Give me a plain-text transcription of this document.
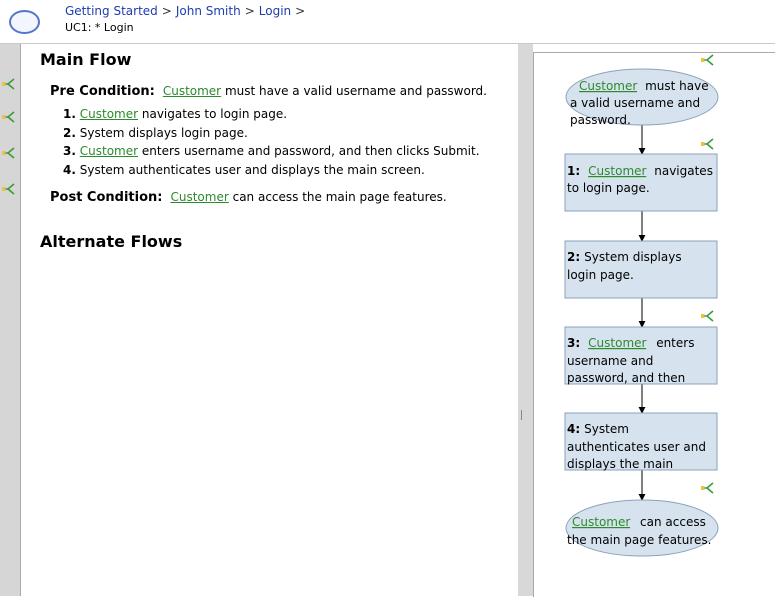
Getting Started > John Smith > Login >
UC1: * Login
Main Flow
Pre Condition: Customer must have a valid username and password.
1. Customer navigates to login page.
2. System displays login page.
3. Customer enters username and password, and then clicks Submit.
4. System authenticates user and displays the main screen.
Post Condition: Customer can access the main page features.
Alternate Flows
Customer must have
a valid username and
password.
1: Customer navigates
to login page.
2: System displays
login page.
3: Customer enters
username and
password, and then
4: System
authenticates user and
displays the main
Customer can access
the main page features.
